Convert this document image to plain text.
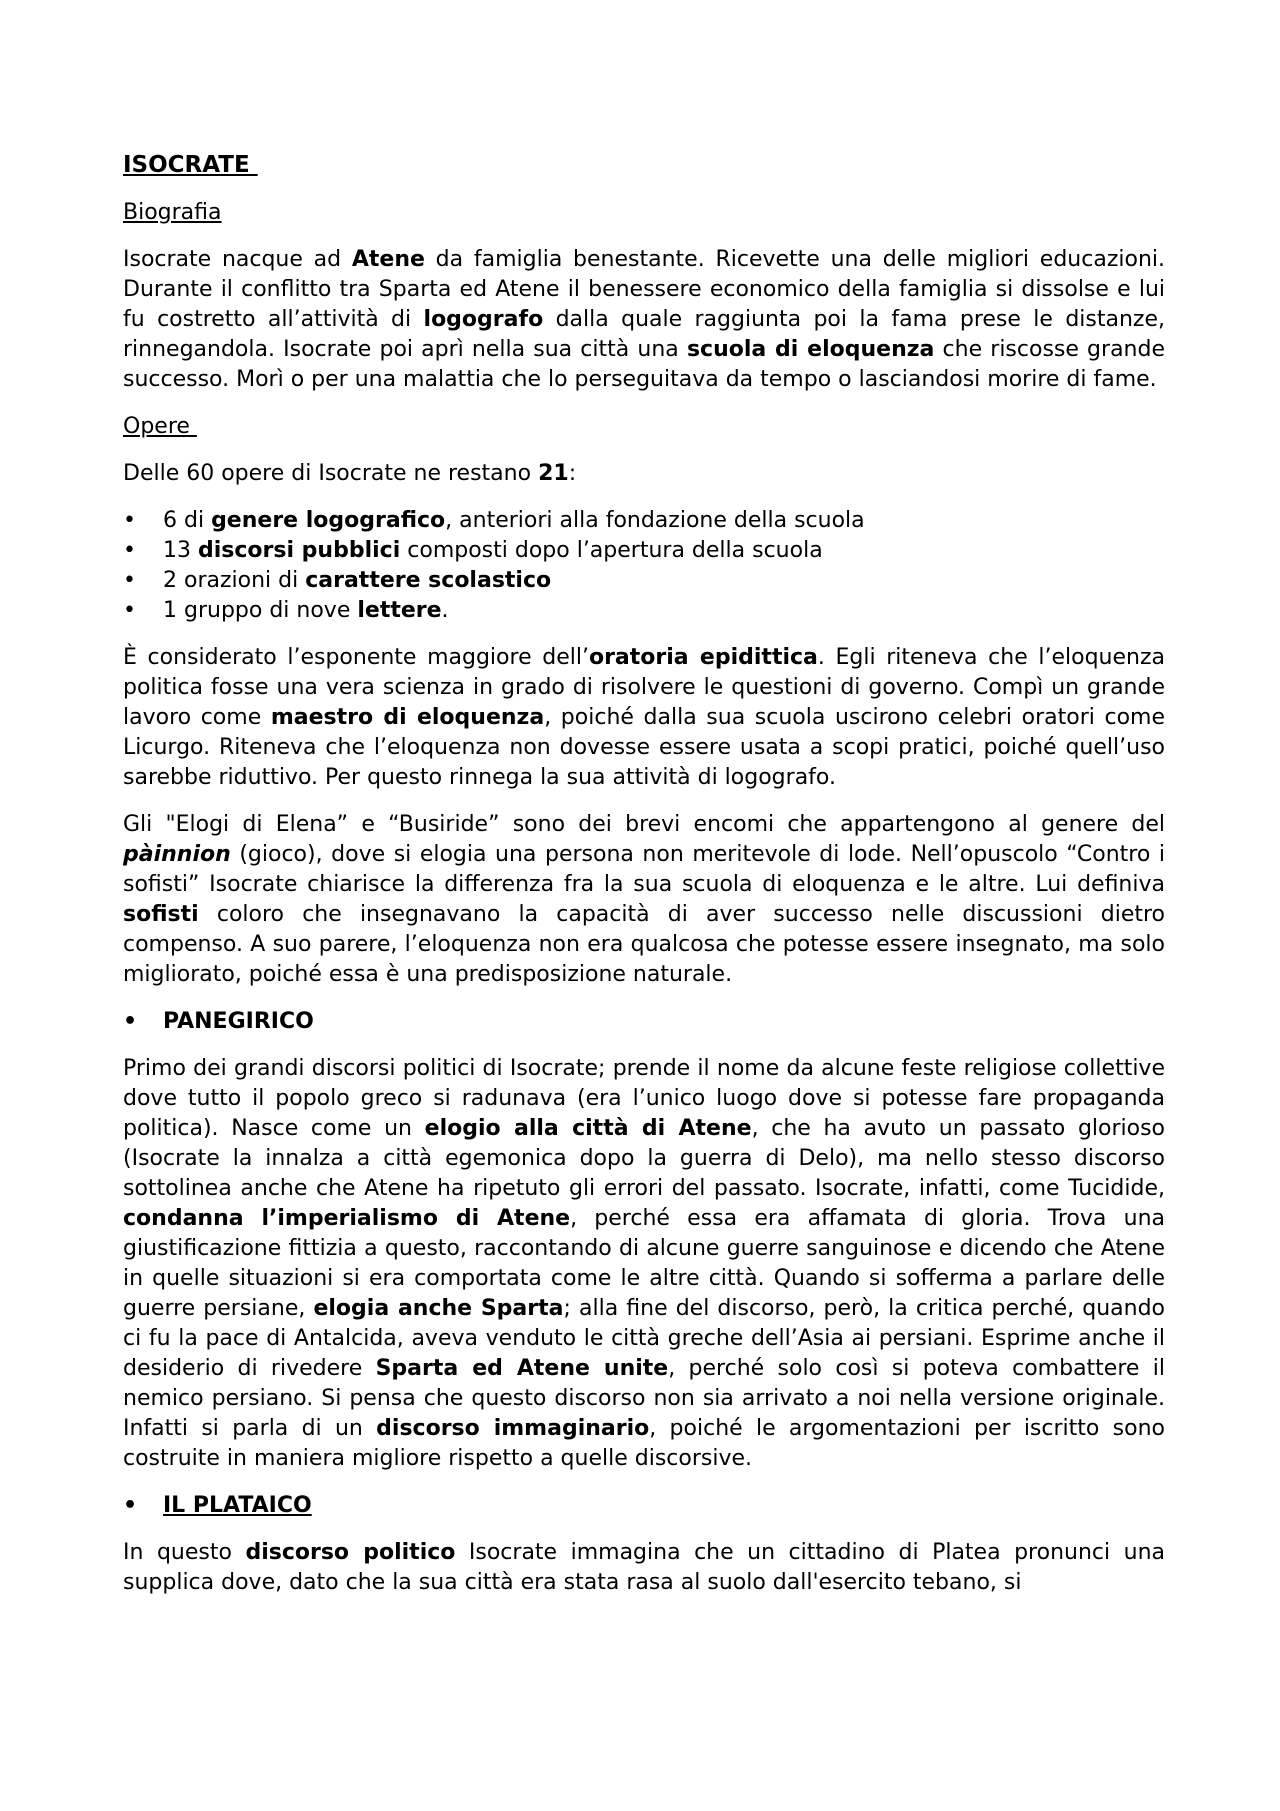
ISOCRATE
Biografia

Isocrate nacque ad Atene da famiglia benestante. Ricevette una delle migliori educazioni. Durante il conflitto tra Sparta ed Atene il benessere economico della famiglia si dissolse e lui fu costretto all’attività di logografo dalla quale raggiunta poi la fama prese le distanze, rinnegandola. Isocrate poi aprì nella sua città una scuola di eloquenza che riscosse grande successo. Morì o per una malattia che lo perseguitava da tempo o lasciandosi morire di fame.

Opere

Delle 60 opere di Isocrate ne restano 21:

• 6 di genere logografico, anteriori alla fondazione della scuola
• 13 discorsi pubblici composti dopo l’apertura della scuola
• 2 orazioni di carattere scolastico
• 1 gruppo di nove lettere.

È considerato l’esponente maggiore dell’oratoria epidittica. Egli riteneva che l’eloquenza politica fosse una vera scienza in grado di risolvere le questioni di governo. Compì un grande lavoro come maestro di eloquenza, poiché dalla sua scuola uscirono celebri oratori come Licurgo. Riteneva che l’eloquenza non dovesse essere usata a scopi pratici, poiché quell’uso sarebbe riduttivo. Per questo rinnega la sua attività di logografo.

Gli "Elogi di Elena” e “Busiride” sono dei brevi encomi che appartengono al genere del pàinnion (gioco), dove si elogia una persona non meritevole di lode. Nell’opuscolo “Contro i sofisti” Isocrate chiarisce la differenza fra la sua scuola di eloquenza e le altre. Lui definiva sofisti coloro che insegnavano la capacità di aver successo nelle discussioni dietro compenso. A suo parere, l’eloquenza non era qualcosa che potesse essere insegnato, ma solo migliorato, poiché essa è una predisposizione naturale.

• PANEGIRICO

Primo dei grandi discorsi politici di Isocrate; prende il nome da alcune feste religiose collettive dove tutto il popolo greco si radunava (era l’unico luogo dove si potesse fare propaganda politica). Nasce come un elogio alla città di Atene, che ha avuto un passato glorioso (Isocrate la innalza a città egemonica dopo la guerra di Delo), ma nello stesso discorso sottolinea anche che Atene ha ripetuto gli errori del passato. Isocrate, infatti, come Tucidide, condanna l’imperialismo di Atene, perché essa era affamata di gloria. Trova una giustificazione fittizia a questo, raccontando di alcune guerre sanguinose e dicendo che Atene in quelle situazioni si era comportata come le altre città. Quando si sofferma a parlare delle guerre persiane, elogia anche Sparta; alla fine del discorso, però, la critica perché, quando ci fu la pace di Antalcida, aveva venduto le città greche dell’Asia ai persiani. Esprime anche il desiderio di rivedere Sparta ed Atene unite, perché solo così si poteva combattere il nemico persiano. Si pensa che questo discorso non sia arrivato a noi nella versione originale. Infatti si parla di un discorso immaginario, poiché le argomentazioni per iscritto sono costruite in maniera migliore rispetto a quelle discorsive.

• IL PLATAICO

In questo discorso politico Isocrate immagina che un cittadino di Platea pronunci una supplica dove, dato che la sua città era stata rasa al suolo dall'esercito tebano, si
